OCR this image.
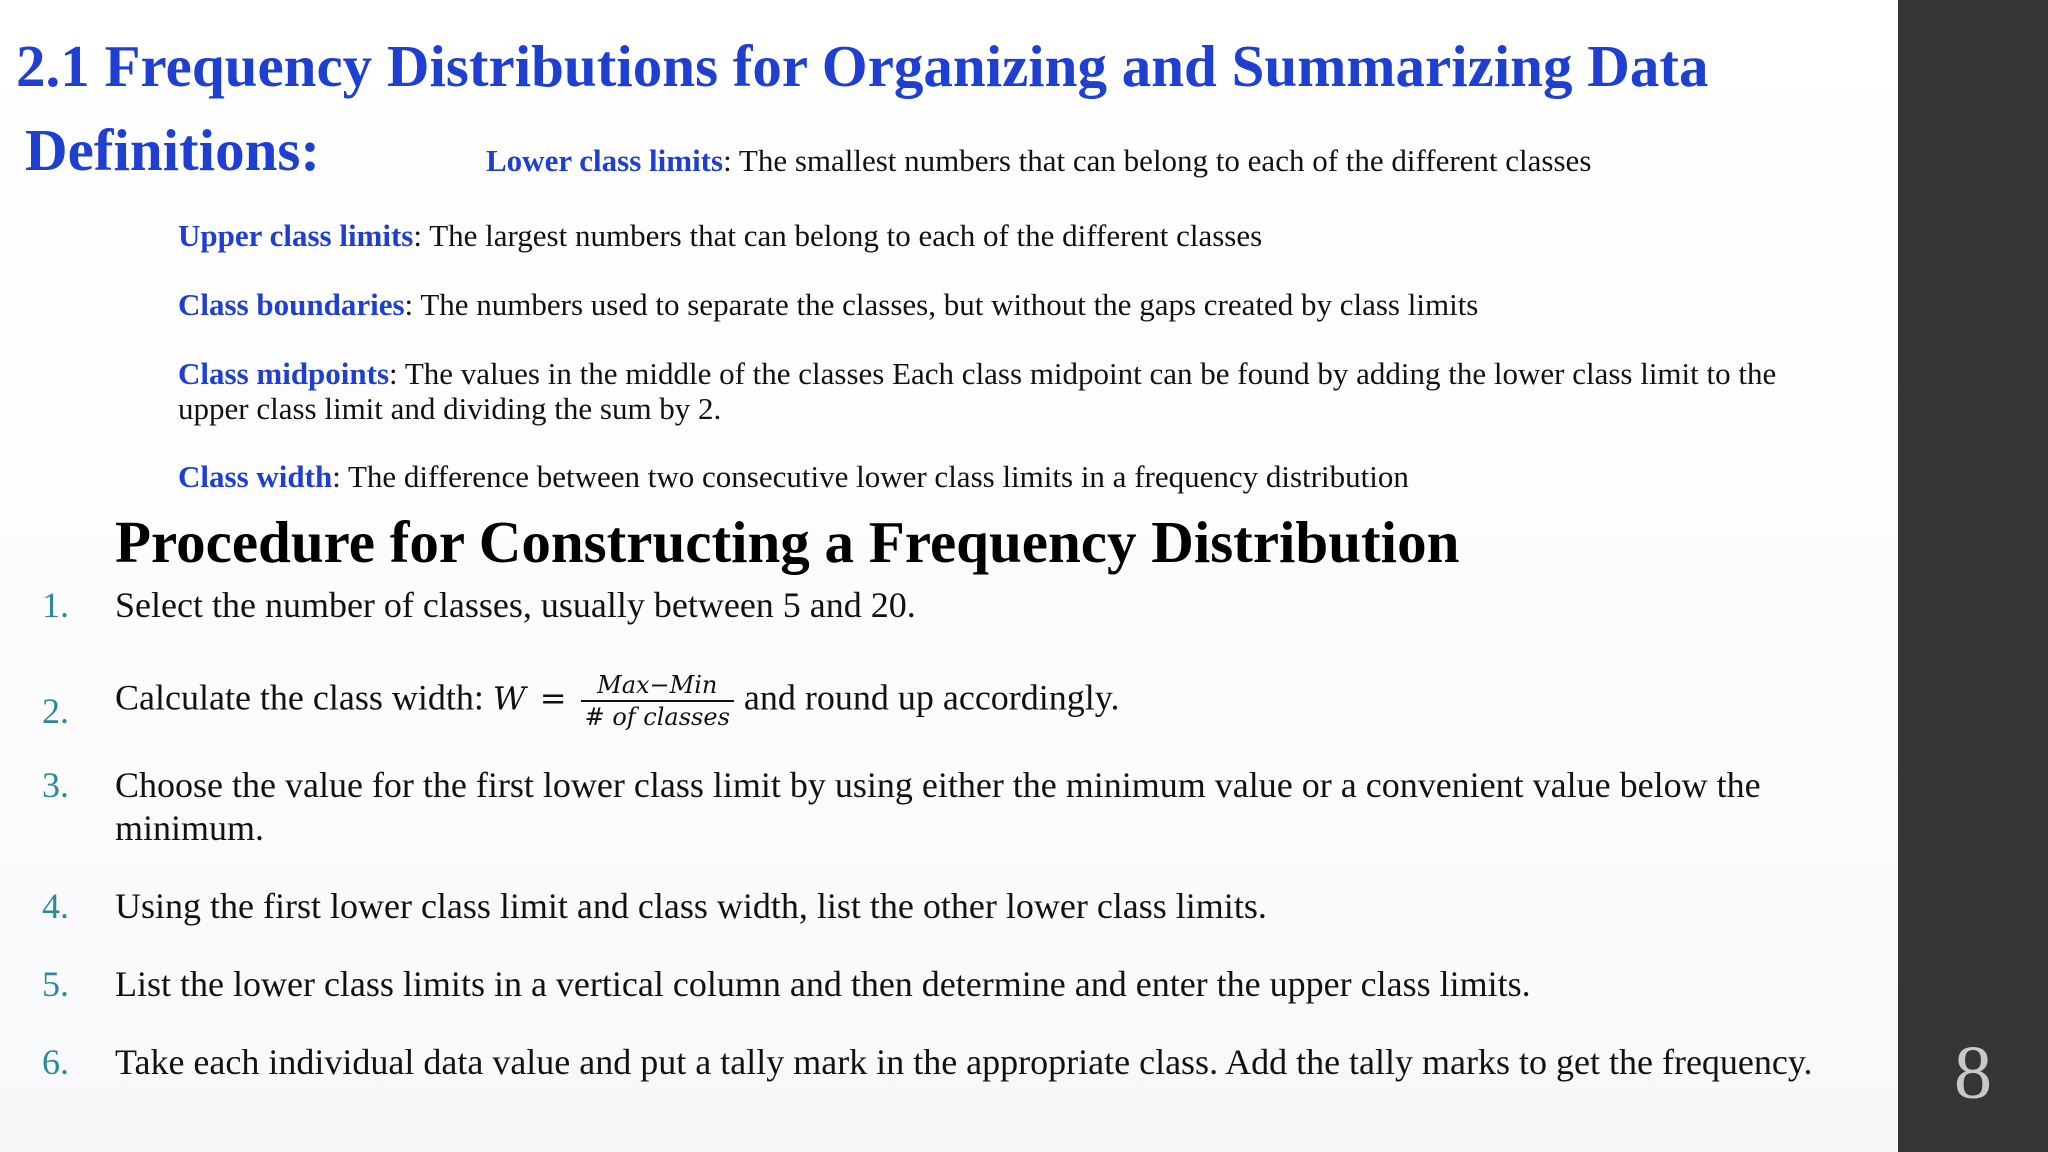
2.1 Frequency Distributions for Organizing and Summarizing Data
Definitions:	Lower class limits: The smallest numbers that can belong to each of the different classes
Upper class limits: The largest numbers that can belong to each of the different classes
Class boundaries: The numbers used to separate the classes, but without the gaps created by class limits
Class midpoints: The values in the middle of the classes Each class midpoint can be found by adding the lower class limit to the upper class limit and dividing the sum by 2.
Class width: The difference between two consecutive lower class limits in a frequency distribution
Procedure for Constructing a Frequency Distribution
1. Select the number of classes, usually between 5 and 20.
2. Calculate the class width: $W = \frac{\text{Max−Min}}{\text{\# of classes}}$ and round up accordingly.
3. Choose the value for the first lower class limit by using either the minimum value or a convenient value below the minimum.
4. Using the first lower class limit and class width, list the other lower class limits.
5. List the lower class limits in a vertical column and then determine and enter the upper class limits.
6. Take each individual data value and put a tally mark in the appropriate class. Add the tally marks to get the frequency.	8
